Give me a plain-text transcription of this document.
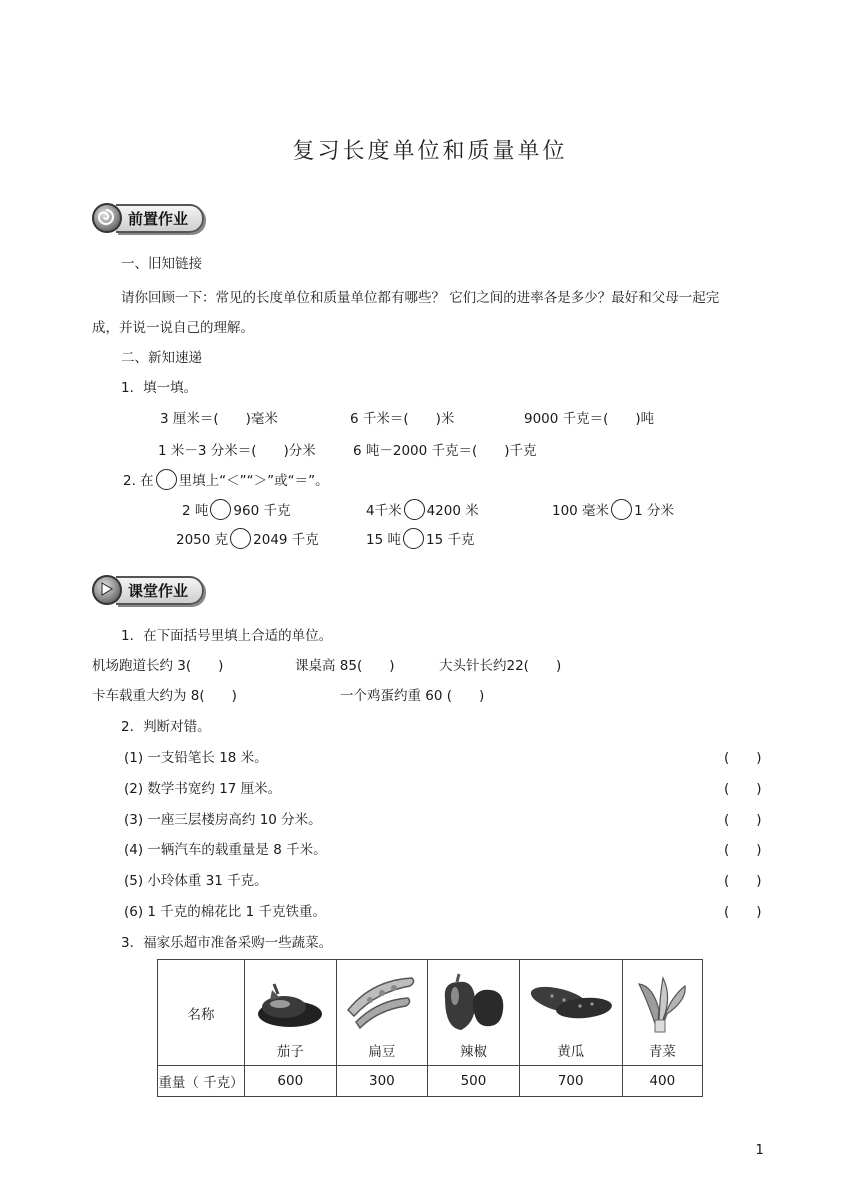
复习长度单位和质量单位
前置作业
一、旧知链接
请你回顾一下：常见的长度单位和质量单位都有哪些？ 它们之间的进率各是多少？最好和父母一起完
成，并说一说自己的理解。
二、新知速递
1．填一填。
3 厘米＝(　　)毫米	6 千米＝(　　)米	9000 千克＝(　　)吨
1 米－3 分米＝(　　)分米	6 吨－2000 千克＝(　　)千克
2. 在 里填上“＜”“＞”或“＝”。
2 吨 960 千克	4千米 4200 米	100 毫米 1 分米
2050 克 2049 千克	15 吨 15 千克
课堂作业
1．在下面括号里填上合适的单位。
机场跑道长约 3(　　)	课桌高 85(　　)	大头针长约22(　　)
卡车载重大约为 8(　　)	一个鸡蛋约重 60 (　　)
2．判断对错。
(1) 一支铅笔长 18 米。	(　　)
(2) 数学书宽约 17 厘米。	(　　)
(3) 一座三层楼房高约 10 分米。	(　　)
(4) 一辆汽车的载重量是 8 千米。	(　　)
(5) 小玲体重 31 千克。	(　　)
(6) 1 千克的棉花比 1 千克铁重。	(　　)
3．福家乐超市准备采购一些蔬菜。
名称	茄子	扁豆	辣椒	黄瓜	青菜

重量（ 千克）	600	300	500	700	400
1
